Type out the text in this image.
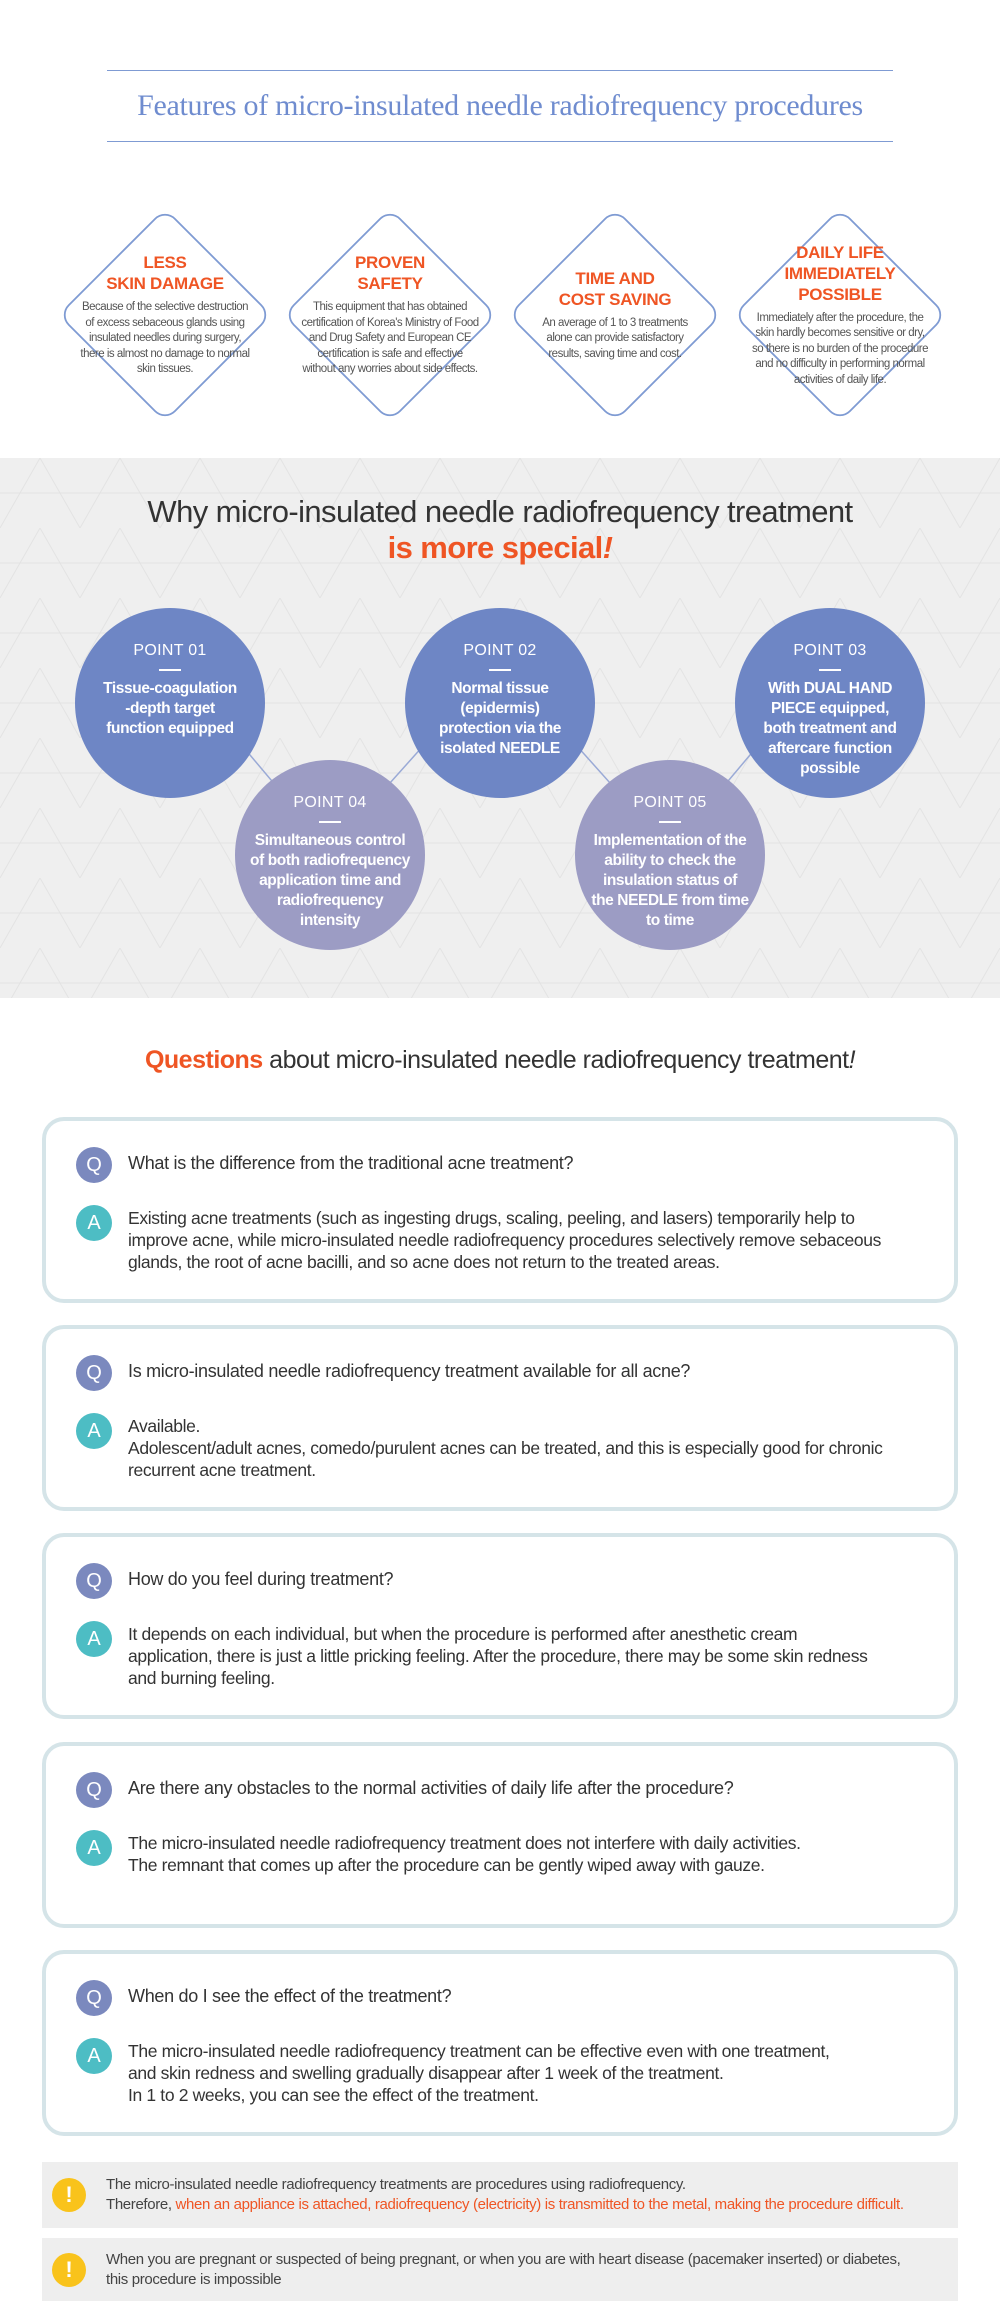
Features of micro-insulated needle radiofrequency procedures
LESS
SKIN DAMAGE
Because of the selective destruction of excess sebaceous glands using insulated needles during surgery, there is almost no damage to normal skin tissues.
PROVEN
SAFETY
This equipment that has obtained certification of Korea's Ministry of Food and Drug Safety and European CE certification is safe and effective without any worries about side effects.
TIME AND
COST SAVING
An average of 1 to 3 treatments alone can provide satisfactory results, saving time and cost.
DAILY LIFE
IMMEDIATELY
POSSIBLE
Immediately after the procedure, the skin hardly becomes sensitive or dry, so there is no burden of the procedure and no difficulty in performing normal activities of daily life.
Why micro-insulated needle radiofrequency treatment
is more special!
POINT 01
Tissue-coagulation -depth target function equipped
POINT 02
Normal tissue (epidermis) protection via the isolated NEEDLE
POINT 03
With DUAL HAND PIECE equipped, both treatment and aftercare function possible
POINT 04
Simultaneous control of both radiofrequency application time and radiofrequency intensity
POINT 05
Implementation of the ability to check the insulation status of the NEEDLE from time to time
Questions about micro-insulated needle radiofrequency treatment!
Q	What is the difference from the traditional acne treatment?
A	Existing acne treatments (such as ingesting drugs, scaling, peeling, and lasers) temporarily help to
improve acne, while micro-insulated needle radiofrequency procedures selectively remove sebaceous
glands, the root of acne bacilli, and so acne does not return to the treated areas.
Q	Is micro-insulated needle radiofrequency treatment available for all acne?
A	Available.
Adolescent/adult acnes, comedo/purulent acnes can be treated, and this is especially good for chronic
recurrent acne treatment.
Q	How do you feel during treatment?
A	It depends on each individual, but when the procedure is performed after anesthetic cream
application, there is just a little pricking feeling. After the procedure, there may be some skin redness
and burning feeling.
Q	Are there any obstacles to the normal activities of daily life after the procedure?
A	The micro-insulated needle radiofrequency treatment does not interfere with daily activities.
The remnant that comes up after the procedure can be gently wiped away with gauze.
Q	When do I see the effect of the treatment?
A	The micro-insulated needle radiofrequency treatment can be effective even with one treatment,
and skin redness and swelling gradually disappear after 1 week of the treatment.
In 1 to 2 weeks, you can see the effect of the treatment.
!	The micro-insulated needle radiofrequency treatments are procedures using radiofrequency.
Therefore, when an appliance is attached, radiofrequency (electricity) is transmitted to the metal, making the procedure difficult.
!	When you are pregnant or suspected of being pregnant, or when you are with heart disease (pacemaker inserted) or diabetes,
this procedure is impossible
